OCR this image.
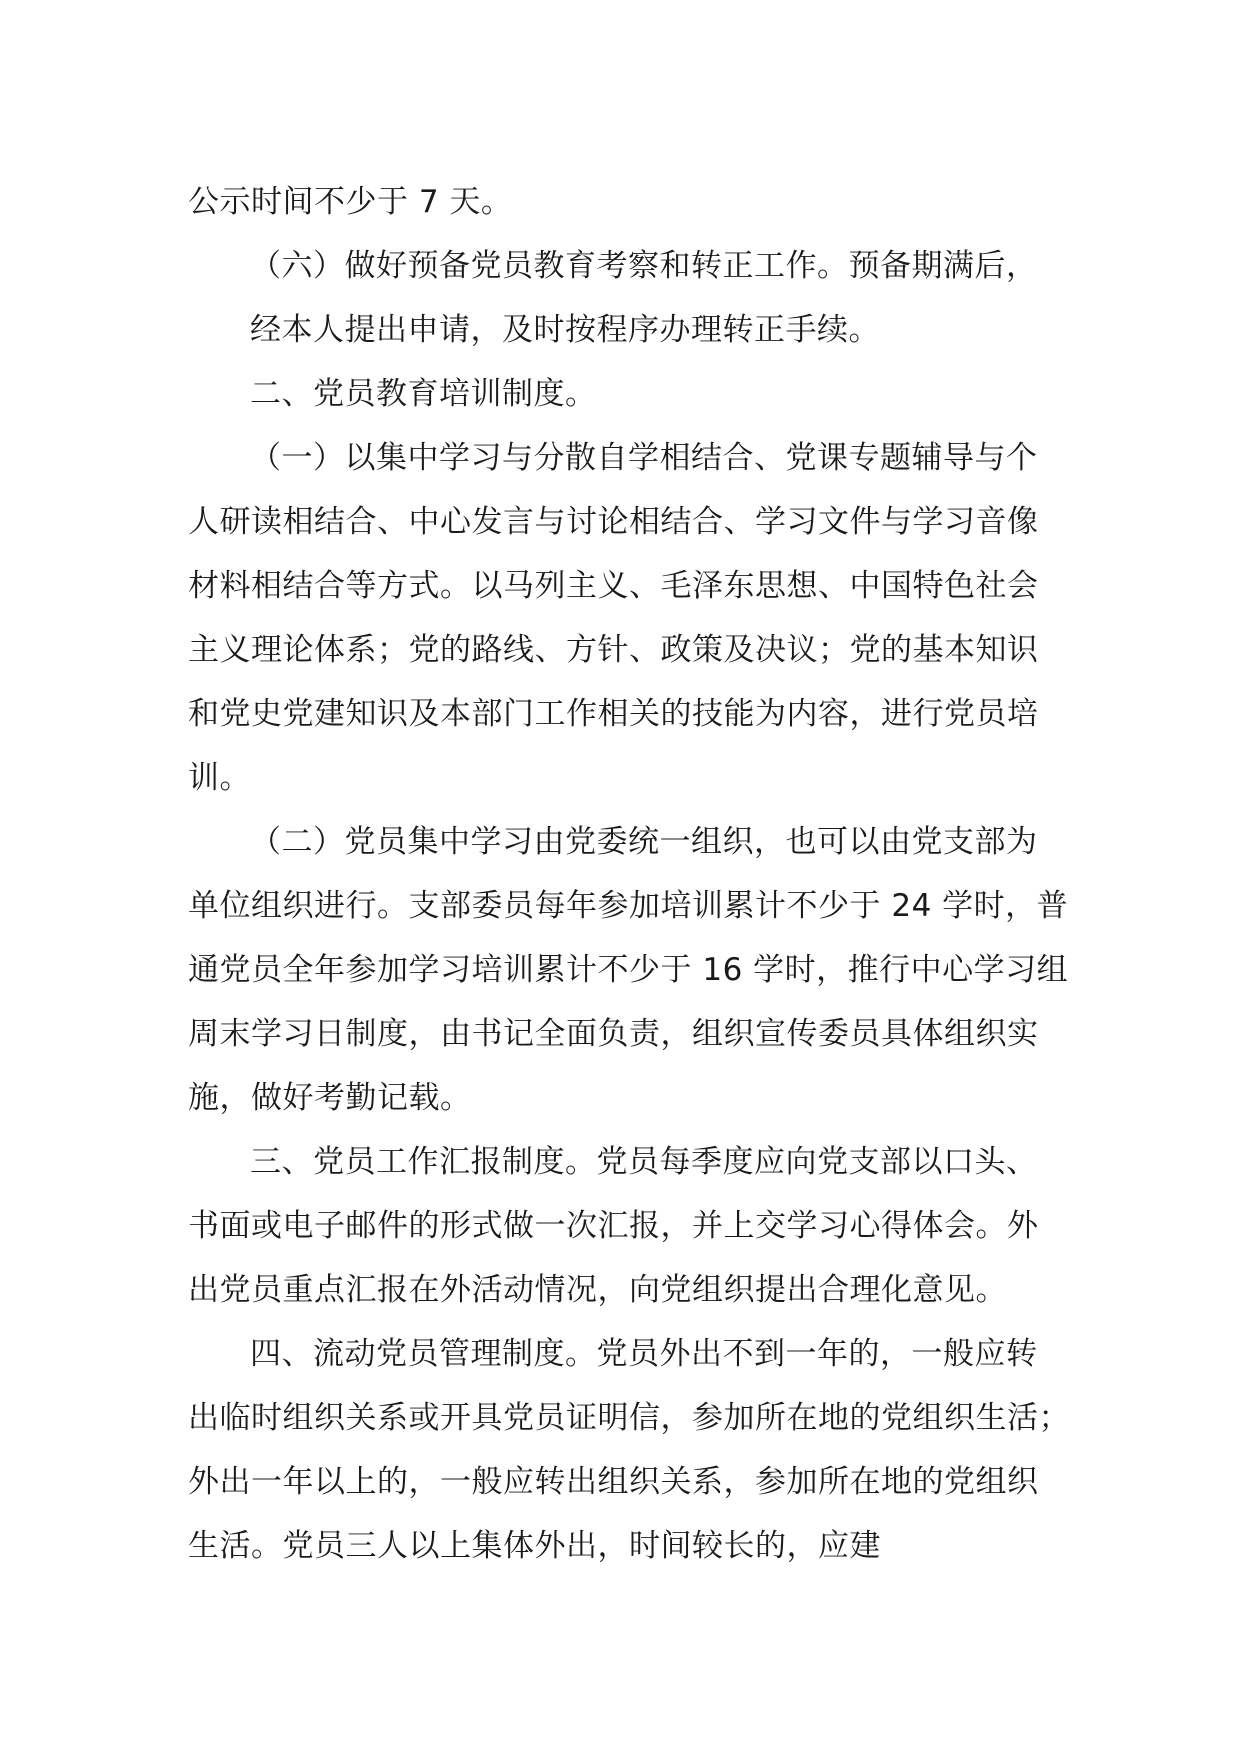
公示时间不少于 7 天。
（六）做好预备党员教育考察和转正工作。预备期满后，
经本人提出申请，及时按程序办理转正手续。
二、党员教育培训制度。
（一）以集中学习与分散自学相结合、党课专题辅导与个
人研读相结合、中心发言与讨论相结合、学习文件与学习音像
材料相结合等方式。以马列主义、毛泽东思想、中国特色社会
主义理论体系；党的路线、方针、政策及决议；党的基本知识
和党史党建知识及本部门工作相关的技能为内容，进行党员培
训。
（二）党员集中学习由党委统一组织，也可以由党支部为
单位组织进行。支部委员每年参加培训累计不少于 24 学时，普
通党员全年参加学习培训累计不少于 16 学时，推行中心学习组
周末学习日制度，由书记全面负责，组织宣传委员具体组织实
施，做好考勤记载。
三、党员工作汇报制度。党员每季度应向党支部以口头、
书面或电子邮件的形式做一次汇报，并上交学习心得体会。外
出党员重点汇报在外活动情况，向党组织提出合理化意见。
四、流动党员管理制度。党员外出不到一年的，一般应转
出临时组织关系或开具党员证明信，参加所在地的党组织生活；
外出一年以上的，一般应转出组织关系，参加所在地的党组织
生活。党员三人以上集体外出，时间较长的，应建
